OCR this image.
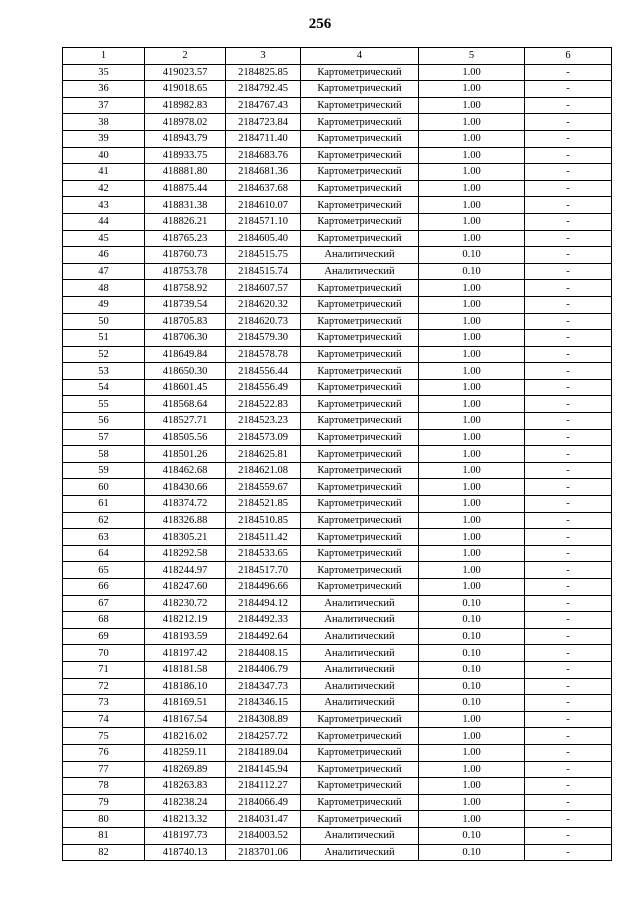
256
1	2	3	4	5	6
35	419023.57	2184825.85	Картометрический	1.00	-
36	419018.65	2184792.45	Картометрический	1.00	-
37	418982.83	2184767.43	Картометрический	1.00	-
38	418978.02	2184723.84	Картометрический	1.00	-
39	418943.79	2184711.40	Картометрический	1.00	-
40	418933.75	2184683.76	Картометрический	1.00	-
41	418881.80	2184681.36	Картометрический	1.00	-
42	418875.44	2184637.68	Картометрический	1.00	-
43	418831.38	2184610.07	Картометрический	1.00	-
44	418826.21	2184571.10	Картометрический	1.00	-
45	418765.23	2184605.40	Картометрический	1.00	-
46	418760.73	2184515.75	Аналитический	0.10	-
47	418753.78	2184515.74	Аналитический	0.10	-
48	418758.92	2184607.57	Картометрический	1.00	-
49	418739.54	2184620.32	Картометрический	1.00	-
50	418705.83	2184620.73	Картометрический	1.00	-
51	418706.30	2184579.30	Картометрический	1.00	-
52	418649.84	2184578.78	Картометрический	1.00	-
53	418650.30	2184556.44	Картометрический	1.00	-
54	418601.45	2184556.49	Картометрический	1.00	-
55	418568.64	2184522.83	Картометрический	1.00	-
56	418527.71	2184523.23	Картометрический	1.00	-
57	418505.56	2184573.09	Картометрический	1.00	-
58	418501.26	2184625.81	Картометрический	1.00	-
59	418462.68	2184621.08	Картометрический	1.00	-
60	418430.66	2184559.67	Картометрический	1.00	-
61	418374.72	2184521.85	Картометрический	1.00	-
62	418326.88	2184510.85	Картометрический	1.00	-
63	418305.21	2184511.42	Картометрический	1.00	-
64	418292.58	2184533.65	Картометрический	1.00	-
65	418244.97	2184517.70	Картометрический	1.00	-
66	418247.60	2184496.66	Картометрический	1.00	-
67	418230.72	2184494.12	Аналитический	0.10	-
68	418212.19	2184492.33	Аналитический	0.10	-
69	418193.59	2184492.64	Аналитический	0.10	-
70	418197.42	2184408.15	Аналитический	0.10	-
71	418181.58	2184406.79	Аналитический	0.10	-
72	418186.10	2184347.73	Аналитический	0.10	-
73	418169.51	2184346.15	Аналитический	0.10	-
74	418167.54	2184308.89	Картометрический	1.00	-
75	418216.02	2184257.72	Картометрический	1.00	-
76	418259.11	2184189.04	Картометрический	1.00	-
77	418269.89	2184145.94	Картометрический	1.00	-
78	418263.83	2184112.27	Картометрический	1.00	-
79	418238.24	2184066.49	Картометрический	1.00	-
80	418213.32	2184031.47	Картометрический	1.00	-
81	418197.73	2184003.52	Аналитический	0.10	-
82	418740.13	2183701.06	Аналитический	0.10	-
